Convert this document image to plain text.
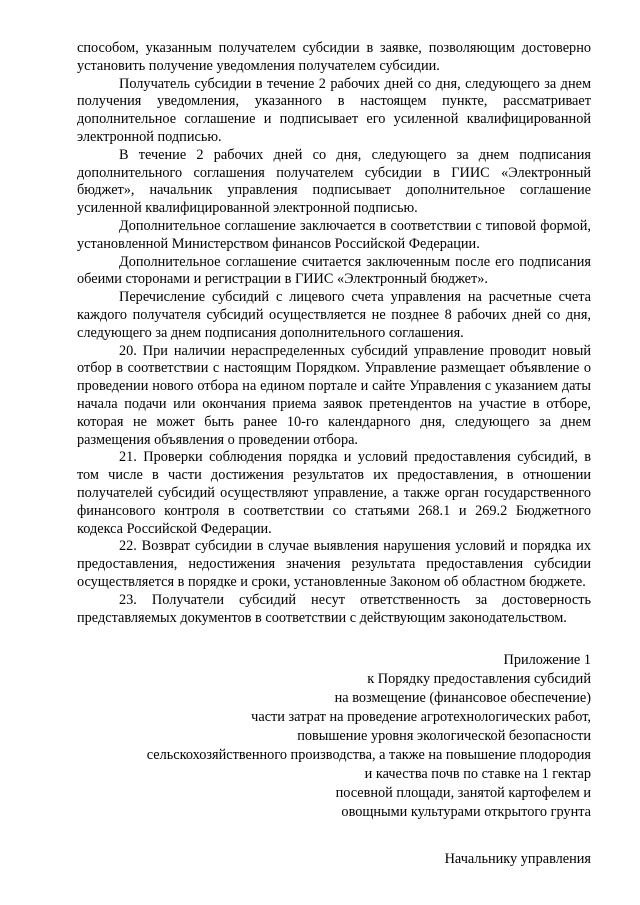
способом, указанным получателем субсидии в заявке, позволяющим достоверно установить получение уведомления получателем субсидии.

Получатель субсидии в течение 2 рабочих дней со дня, следующего за днем получения уведомления, указанного в настоящем пункте, рассматривает дополнительное соглашение и подписывает его усиленной квалифицированной электронной подписью.

В течение 2 рабочих дней со дня, следующего за днем подписания дополнительного соглашения получателем субсидии в ГИИС «Электронный бюджет», начальник управления подписывает дополнительное соглашение усиленной квалифицированной электронной подписью.

Дополнительное соглашение заключается в соответствии с типовой формой, установленной Министерством финансов Российской Федерации.

Дополнительное соглашение считается заключенным после его подписания обеими сторонами и регистрации в ГИИС «Электронный бюджет».

Перечисление субсидий с лицевого счета управления на расчетные счета каждого получателя субсидий осуществляется не позднее 8 рабочих дней со дня, следующего за днем подписания дополнительного соглашения.

20. При наличии нераспределенных субсидий управление проводит новый отбор в соответствии с настоящим Порядком. Управление размещает объявление о проведении нового отбора на едином портале и сайте Управления с указанием даты начала подачи или окончания приема заявок претендентов на участие в отборе, которая не может быть ранее 10-го календарного дня, следующего за днем размещения объявления о проведении отбора.

21. Проверки соблюдения порядка и условий предоставления субсидий, в том числе в части достижения результатов их предоставления, в отношении получателей субсидий осуществляют управление, а также орган государственного финансового контроля в соответствии со статьями 268.1 и 269.2 Бюджетного кодекса Российской Федерации.

22. Возврат субсидии в случае выявления нарушения условий и порядка их предоставления, недостижения значения результата предоставления субсидии осуществляется в порядке и сроки, установленные Законом об областном бюджете.

23. Получатели субсидий несут ответственность за достоверность представляемых документов в соответствии с действующим законодательством.

Приложение 1
к Порядку предоставления субсидий
на возмещение (финансовое обеспечение)
части затрат на проведение агротехнологических работ,
повышение уровня экологической безопасности
сельскохозяйственного производства, а также на повышение плодородия
и качества почв по ставке на 1 гектар
посевной площади, занятой картофелем и
овощными культурами открытого грунта
Начальнику управления
